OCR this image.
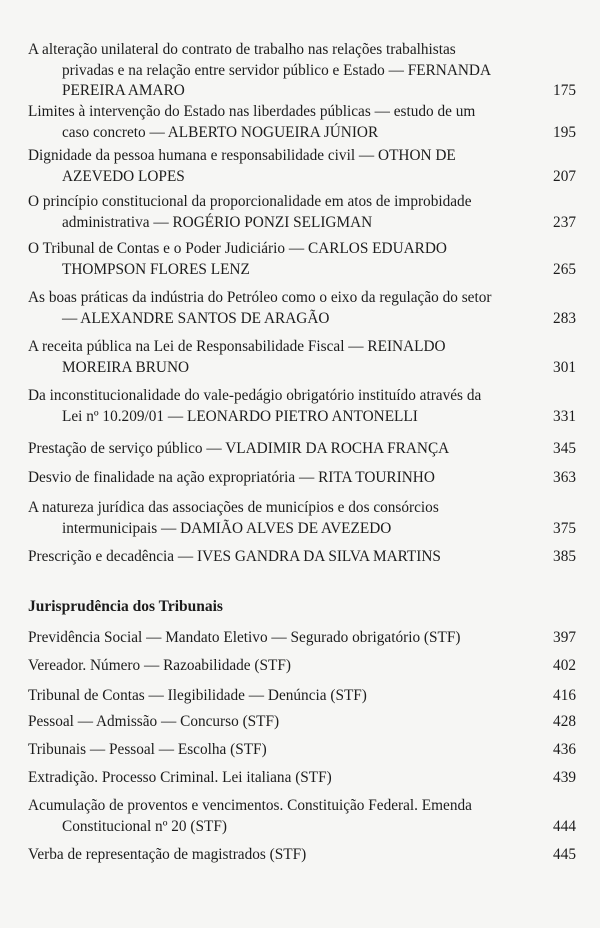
A alteração unilateral do contrato de trabalho nas relações trabalhistas
privadas e na relação entre servidor público e Estado — FERNANDA
PEREIRA AMARO	175
Limites à intervenção do Estado nas liberdades públicas — estudo de um
caso concreto — ALBERTO NOGUEIRA JÚNIOR	195
Dignidade da pessoa humana e responsabilidade civil — OTHON DE
AZEVEDO LOPES	207
O princípio constitucional da proporcionalidade em atos de improbidade
administrativa — ROGÉRIO PONZI SELIGMAN	237
O Tribunal de Contas e o Poder Judiciário — CARLOS EDUARDO
THOMPSON FLORES LENZ	265
As boas práticas da indústria do Petróleo como o eixo da regulação do setor
— ALEXANDRE SANTOS DE ARAGÃO	283
A receita pública na Lei de Responsabilidade Fiscal — REINALDO
MOREIRA BRUNO	301
Da inconstitucionalidade do vale-pedágio obrigatório instituído através da
Lei nº 10.209/01 — LEONARDO PIETRO ANTONELLI	331
Prestação de serviço público — VLADIMIR DA ROCHA FRANÇA	345
Desvio de finalidade na ação expropriatória — RITA TOURINHO	363
A natureza jurídica das associações de municípios e dos consórcios
intermunicipais — DAMIÃO ALVES DE AVEZEDO	375
Prescrição e decadência — IVES GANDRA DA SILVA MARTINS	385
Jurisprudência dos Tribunais
Previdência Social — Mandato Eletivo — Segurado obrigatório (STF)	397
Vereador. Número — Razoabilidade (STF)	402
Tribunal de Contas — Ilegibilidade — Denúncia (STF)	416
Pessoal — Admissão — Concurso (STF)	428
Tribunais — Pessoal — Escolha (STF)	436
Extradição. Processo Criminal. Lei italiana (STF)	439
Acumulação de proventos e vencimentos. Constituição Federal. Emenda
Constitucional nº 20 (STF)	444
Verba de representação de magistrados (STF)	445
